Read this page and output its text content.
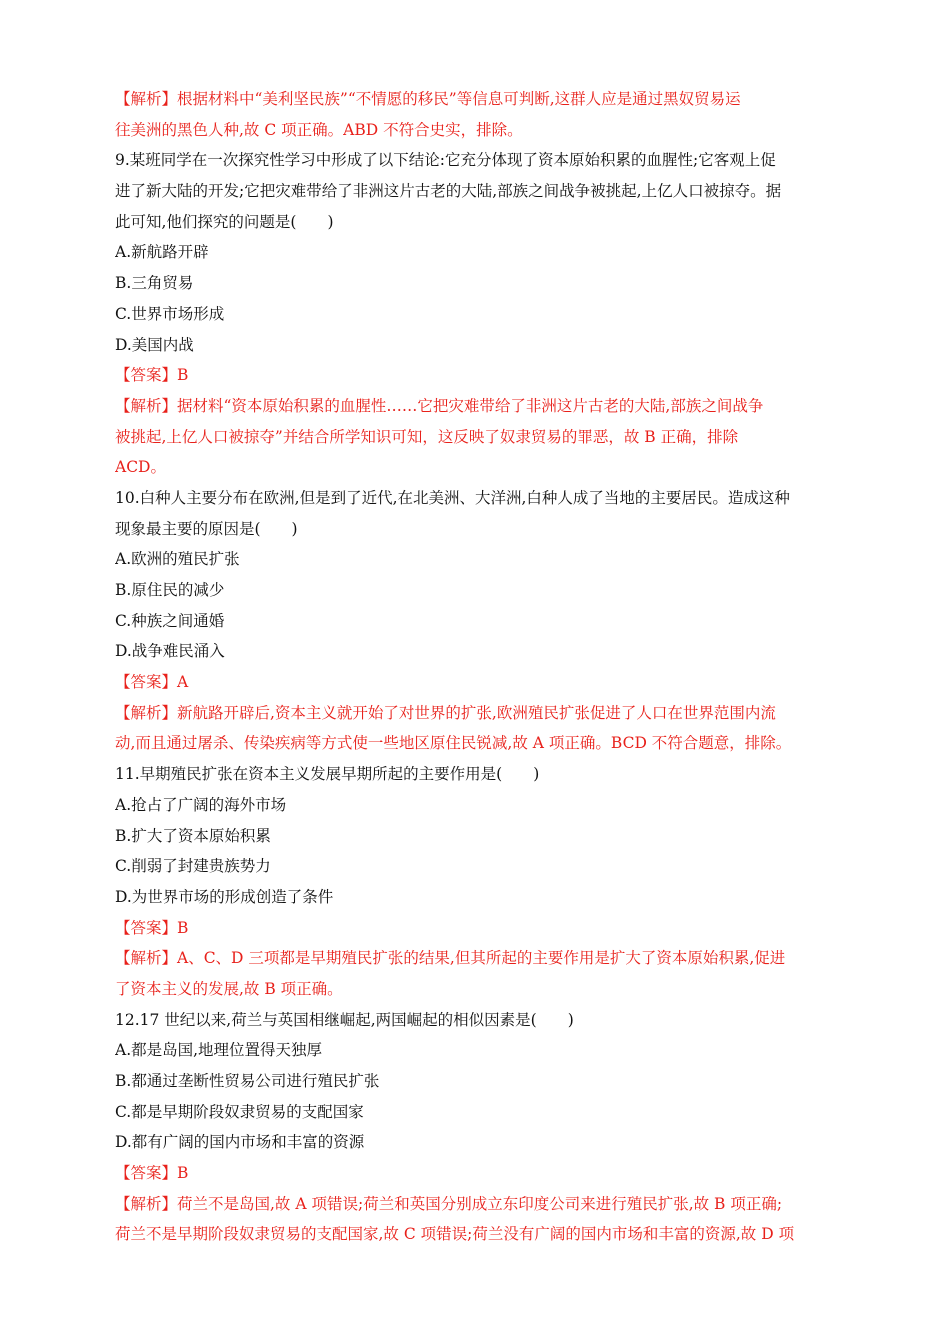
【解析】根据材料中“美利坚民族”“不情愿的移民”等信息可判断,这群人应是通过黑奴贸易运
往美洲的黑色人种,故 C 项正确。ABD 不符合史实，排除。
9.某班同学在一次探究性学习中形成了以下结论:它充分体现了资本原始积累的血腥性;它客观上促
进了新大陆的开发;它把灾难带给了非洲这片古老的大陆,部族之间战争被挑起,上亿人口被掠夺。据
此可知,他们探究的问题是(　　)
A.新航路开辟
B.三角贸易
C.世界市场形成
D.美国内战
【答案】B
【解析】据材料“资本原始积累的血腥性……它把灾难带给了非洲这片古老的大陆,部族之间战争
被挑起,上亿人口被掠夺”并结合所学知识可知，这反映了奴隶贸易的罪恶，故 B 正确，排除
ACD。
10.白种人主要分布在欧洲,但是到了近代,在北美洲、大洋洲,白种人成了当地的主要居民。造成这种
现象最主要的原因是(　　)
A.欧洲的殖民扩张
B.原住民的减少
C.种族之间通婚
D.战争难民涌入
【答案】A
【解析】新航路开辟后,资本主义就开始了对世界的扩张,欧洲殖民扩张促进了人口在世界范围内流
动,而且通过屠杀、传染疾病等方式使一些地区原住民锐减,故 A 项正确。BCD 不符合题意，排除。
11.早期殖民扩张在资本主义发展早期所起的主要作用是(　　)
A.抢占了广阔的海外市场
B.扩大了资本原始积累
C.削弱了封建贵族势力
D.为世界市场的形成创造了条件
【答案】B
【解析】A、C、D 三项都是早期殖民扩张的结果,但其所起的主要作用是扩大了资本原始积累,促进
了资本主义的发展,故 B 项正确。
12.17 世纪以来,荷兰与英国相继崛起,两国崛起的相似因素是(　　)
A.都是岛国,地理位置得天独厚
B.都通过垄断性贸易公司进行殖民扩张
C.都是早期阶段奴隶贸易的支配国家
D.都有广阔的国内市场和丰富的资源
【答案】B
【解析】荷兰不是岛国,故 A 项错误;荷兰和英国分别成立东印度公司来进行殖民扩张,故 B 项正确;
荷兰不是早期阶段奴隶贸易的支配国家,故 C 项错误;荷兰没有广阔的国内市场和丰富的资源,故 D 项
